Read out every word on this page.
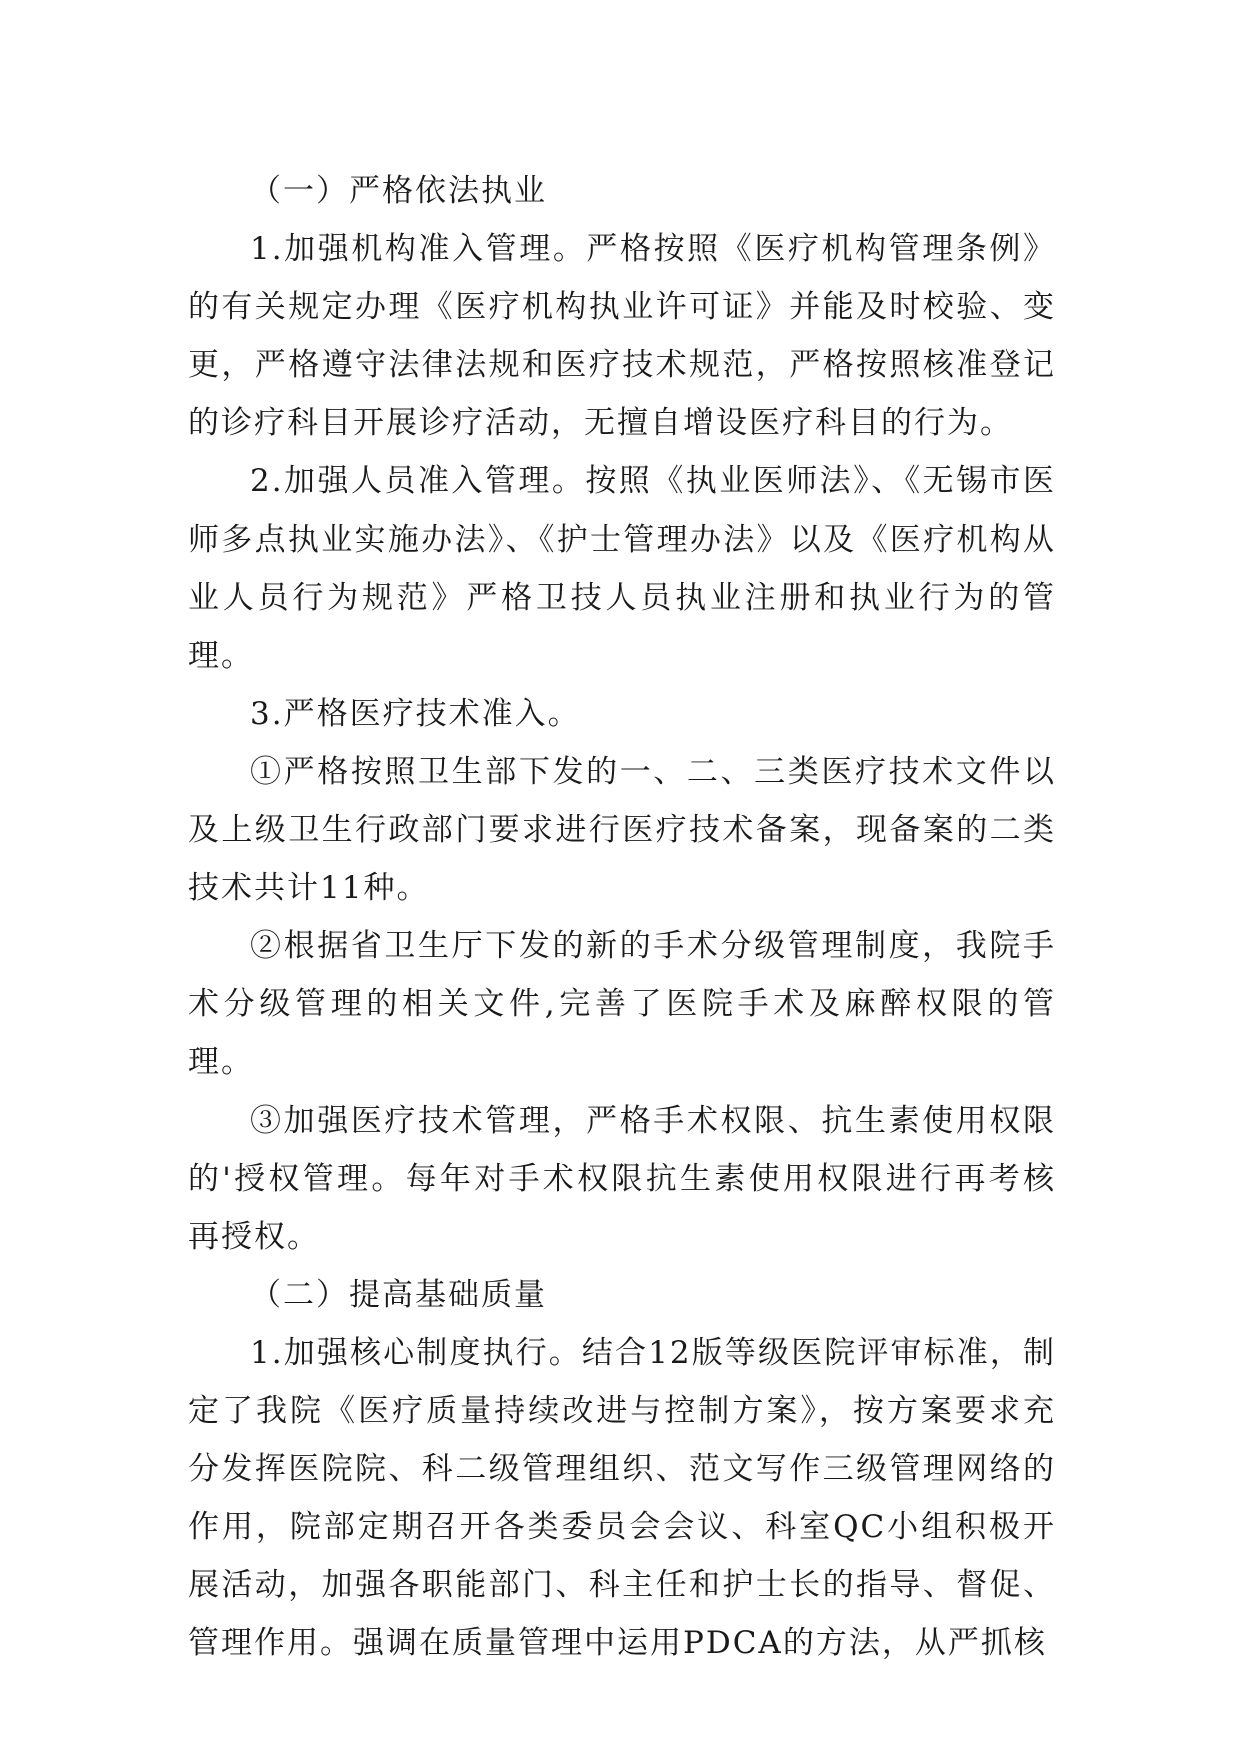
（一）严格依法执业

1.加强机构准入管理。严格按照《医疗机构管理条例》的有关规定办理《医疗机构执业许可证》并能及时校验、变更，严格遵守法律法规和医疗技术规范，严格按照核准登记的诊疗科目开展诊疗活动，无擅自增设医疗科目的行为。

2.加强人员准入管理。按照《执业医师法》、《无锡市医师多点执业实施办法》、《护士管理办法》以及《医疗机构从业人员行为规范》严格卫技人员执业注册和执业行为的管理。

3.严格医疗技术准入。

①严格按照卫生部下发的一、二、三类医疗技术文件以及上级卫生行政部门要求进行医疗技术备案，现备案的二类技术共计11种。

②根据省卫生厅下发的新的手术分级管理制度，我院手术分级管理的相关文件,完善了医院手术及麻醉权限的管理。

③加强医疗技术管理，严格手术权限、抗生素使用权限的'授权管理。每年对手术权限抗生素使用权限进行再考核再授权。

（二）提高基础质量

1.加强核心制度执行。结合12版等级医院评审标准，制定了我院《医疗质量持续改进与控制方案》，按方案要求充分发挥医院院、科二级管理组织、范文写作三级管理网络的作用，院部定期召开各类委员会会议、科室QC小组积极开展活动，加强各职能部门、科主任和护士长的指导、督促、管理作用。强调在质量管理中运用PDCA的方法，从严抓核
